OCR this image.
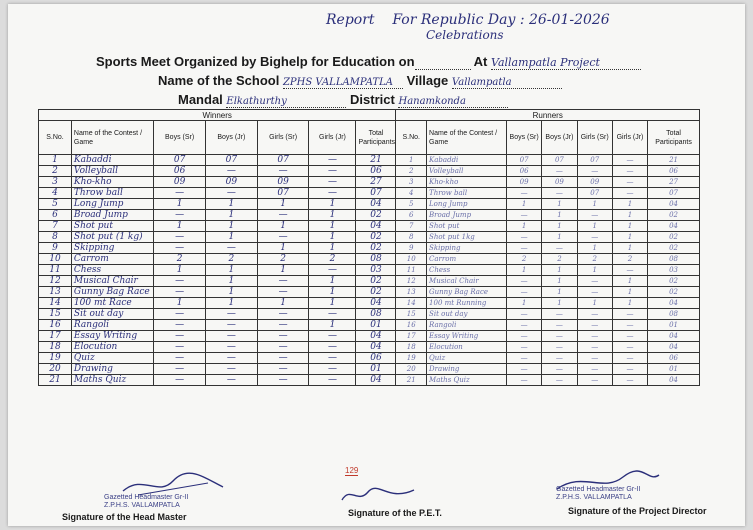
Report For Republic Day : 26-01-2026
Celebrations
Sports Meet Organized by Bighelp for Education on	At Vallampatla Project
Name of the School ZPHS VALLAMPATLA Village Vallampatla
Mandal Elkathurthy	District Hanamkonda
Winners							Runners						
S.No.	Name of the Contest / Game	Boys (Sr)	Boys (Jr)	Girls (Sr)	Girls (Jr)	Total Participants	S.No.	Name of the Contest / Game	Boys (Sr)	Boys (Jr)	Girls (Sr)	Girls (Jr)	Total Participants
1	Kabaddi	07	07	07	—	21	1	Kabaddi	07	07	07	—	21
2	Volleyball	06	—	—	—	06	2	Volleyball	06	—	—	—	06
3	Kho-kho	09	09	09	—	27	3	Kho-kho	09	09	09	—	27
4	Throw ball	—	—	07	—	07	4	Throw ball	—	—	07	—	07
5	Long Jump	1	1	1	1	04	5	Long Jump	1	1	1	1	04
6	Broad Jump	—	1	—	1	02	6	Broad Jump	—	1	—	1	02
7	Shot put	1	1	1	1	04	7	Shot put	1	1	1	1	04
8	Shot put (1 kg)	—	1	—	1	02	8	Shot put 1kg	—	1	—	1	02
9	Skipping	—	—	1	1	02	9	Skipping	—	—	1	1	02
10	Carrom	2	2	2	2	08	10	Carrom	2	2	2	2	08
11	Chess	1	1	1	—	03	11	Chess	1	1	1	—	03
12	Musical Chair	—	1	—	1	02	12	Musical Chair	—	1	—	1	02
13	Gunny Bag Race	—	1	—	1	02	13	Gunny Bag Race	—	1	—	1	02
14	100 mt Race	1	1	1	1	04	14	100 mt Running	1	1	1	1	04
15	Sit out day	—	—	—	—	08	15	Sit out day	—	—	—	—	08
16	Rangoli	—	—	—	1	01	16	Rangoli	—	—	—	—	01
17	Essay Writing	—	—	—	—	04	17	Essay Writing	—	—	—	—	04
18	Elocution	—	—	—	—	04	18	Elocution	—	—	—	—	04
19	Quiz	—	—	—	—	06	19	Quiz	—	—	—	—	06
20	Drawing	—	—	—	—	01	20	Drawing	—	—	—	—	01
21	Maths Quiz	—	—	—	—	04	21	Maths Quiz	—	—	—	—	04
129
Gazetted Headmaster Gr-II
Z.P.H.S. VALLAMPATLA
Gazetted Headmaster Gr-II
Z.P.H.S. VALLAMPATLA
Signature of the Head Master	Signature of the P.E.T.	Signature of the Project Director
